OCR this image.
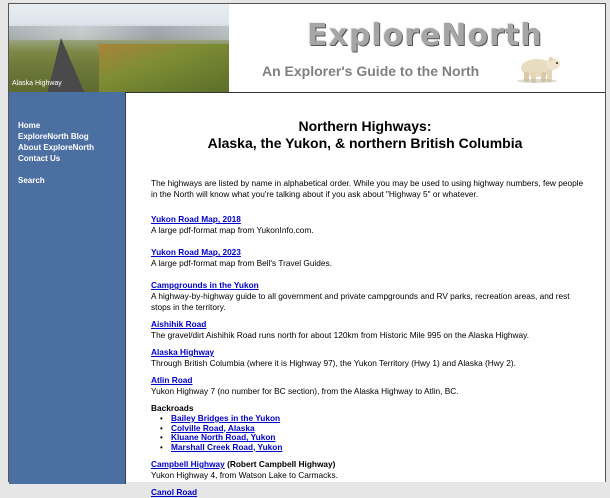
Alaska Highway
ExploreNorth
An Explorer's Guide to the North
Home
ExploreNorth Blog
About ExploreNorth
Contact Us
Search
Northern Highways:
Alaska, the Yukon, & northern British Columbia

The highways are listed by name in alphabetical order. While you may be used to using highway numbers, few people in the North will know what you're talking about if you ask about "Highway 5" or whatever.

Yukon Road Map, 2018
A large pdf-format map from YukonInfo.com.
Yukon Road Map, 2023
A large pdf-format map from Bell's Travel Guides.
Campgrounds in the Yukon
A highway-by-highway guide to all government and private campgrounds and RV parks, recreation areas, and rest stops in the territory.
Aishihik Road
The gravel/dirt Aishihik Road runs north for about 120km from Historic Mile 995 on the Alaska Highway.
Alaska Highway
Through British Columbia (where it is Highway 97), the Yukon Territory (Hwy 1) and Alaska (Hwy 2).
Atlin Road
Yukon Highway 7 (no number for BC section), from the Alaska Highway to Atlin, BC.
Backroads
• Bailey Bridges in the Yukon
• Colville Road, Alaska
• Kluane North Road, Yukon
• Marshall Creek Road, Yukon
Campbell Highway (Robert Campbell Highway)
Yukon Highway 4, from Watson Lake to Carmacks.
Canol Road
